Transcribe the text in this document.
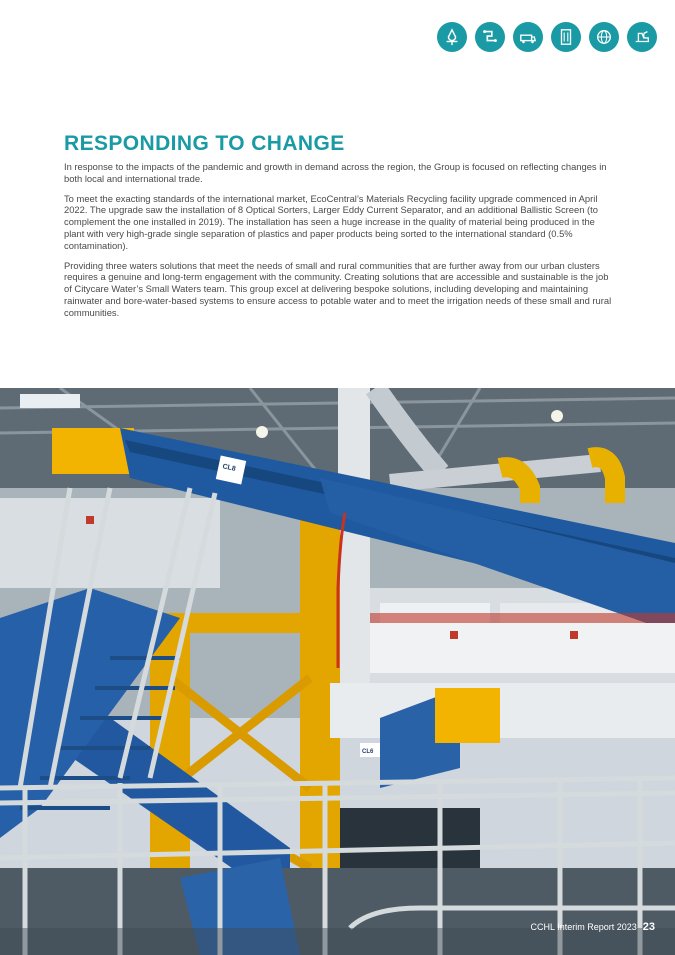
RESPONDING TO CHANGE

In response to the impacts of the pandemic and growth in demand across the region, the Group is focused on reflecting changes in both local and international trade.

To meet the exacting standards of the international market, EcoCentral’s Materials Recycling facility upgrade commenced in April 2022. The upgrade saw the installation of 8 Optical Sorters, Larger Eddy Current Separator, and an additional Ballistic Screen (to complement the one installed in 2019). The installation has seen a huge increase in the quality of material being produced in the plant with very high-grade single separation of plastics and paper products being sorted to the international standard (0.5% contamination).

Providing three waters solutions that meet the needs of small and rural communities that are further away from our urban clusters requires a genuine and long-term engagement with the community. Creating solutions that are accessible and sustainable is the job of Citycare Water’s Small Waters team. This group excel at delivering bespoke solutions, including developing and maintaining rainwater and bore-water-based systems to ensure access to potable water and to meet the irrigation needs of these small and rural communities.

CL8
CL6
CCHL Interim Report 2023 23
